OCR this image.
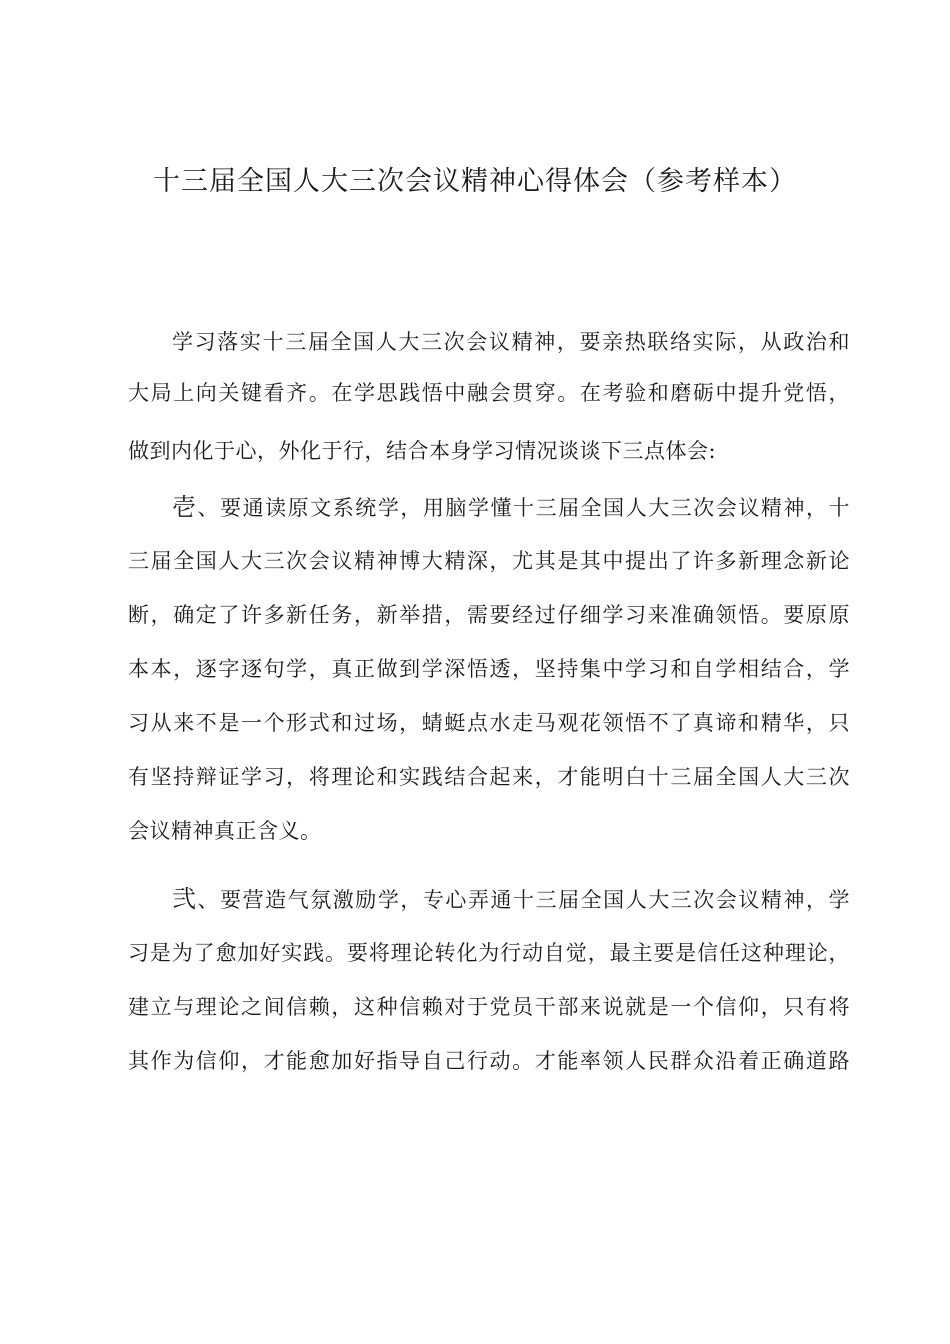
十三届全国人大三次会议精神心得体会（参考样本）
学习落实十三届全国人大三次会议精神，要亲热联络实际，从政治和
大局上向关键看齐。在学思践悟中融会贯穿。在考验和磨砺中提升党悟，
做到内化于心，外化于行，结合本身学习情况谈谈下三点体会:
壱、要通读原文系统学，用脑学懂十三届全国人大三次会议精神，十
三届全国人大三次会议精神博大精深，尤其是其中提出了许多新理念新论
断，确定了许多新任务，新举措，需要经过仔细学习来准确领悟。要原原
本本，逐字逐句学，真正做到学深悟透，坚持集中学习和自学相结合，学
习从来不是一个形式和过场，蜻蜓点水走马观花领悟不了真谛和精华，只
有坚持辩证学习，将理论和实践结合起来，才能明白十三届全国人大三次
会议精神真正含义。
弐、要营造气氛激励学，专心弄通十三届全国人大三次会议精神，学
习是为了愈加好实践。要将理论转化为行动自觉，最主要是信任这种理论，
建立与理论之间信赖，这种信赖对于党员干部来说就是一个信仰，只有将
其作为信仰，才能愈加好指导自己行动。才能率领人民群众沿着正确道路
